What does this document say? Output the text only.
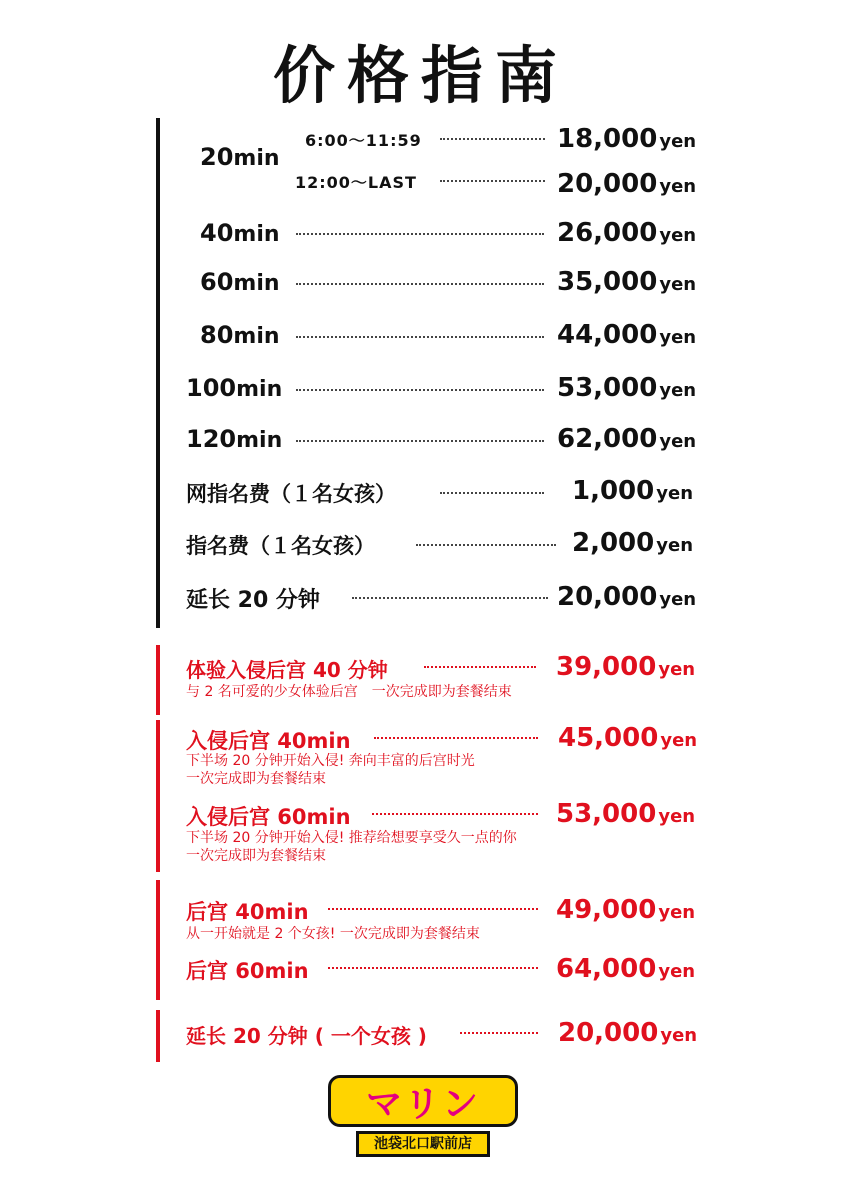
价格指南
20min
6:00～11:59	18,000 yen
12:00～LAST	20,000 yen
40min	26,000 yen
60min	35,000 yen
80min	44,000 yen
100min	53,000 yen
120min	62,000 yen
网指名费（１名女孩）	1,000 yen
指名费（１名女孩）	2,000 yen
延长 20 分钟	20,000 yen
体验入侵后宫 40 分钟	39,000 yen
与 2 名可爱的少女体验后宫　一次完成即为套餐结束
入侵后宫 40min	45,000 yen
下半场 20 分钟开始入侵! 奔向丰富的后宫时光
一次完成即为套餐结束
入侵后宫 60min	53,000 yen
下半场 20 分钟开始入侵! 推荐给想要享受久一点的你
一次完成即为套餐结束
后宫 40min	49,000 yen
从一开始就是 2 个女孩! 一次完成即为套餐结束
后宫 60min	64,000 yen
延长 20 分钟 ( 一个女孩 )	20,000 yen
マリン
池袋北口駅前店
